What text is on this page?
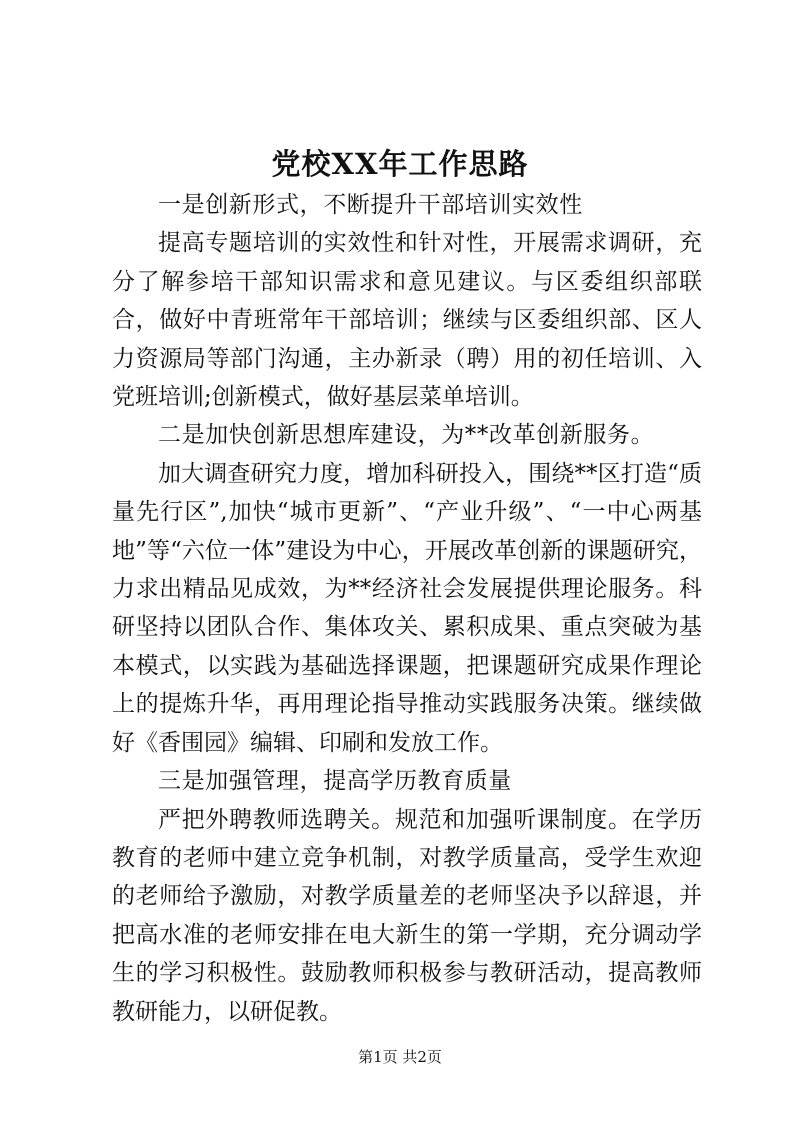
党校XX年工作思路

一是创新形式，不断提升干部培训实效性

提高专题培训的实效性和针对性，开展需求调研，充分了解参培干部知识需求和意见建议。与区委组织部联合，做好中青班常年干部培训；继续与区委组织部、区人力资源局等部门沟通，主办新录（聘）用的初任培训、入党班培训;创新模式，做好基层菜单培训。

二是加快创新思想库建设，为**改革创新服务。

加大调查研究力度，增加科研投入，围绕**区打造“质量先行区”,加快“城市更新”、“产业升级”、“一中心两基地”等“六位一体”建设为中心，开展改革创新的课题研究，力求出精品见成效，为**经济社会发展提供理论服务。科研坚持以团队合作、集体攻关、累积成果、重点突破为基本模式，以实践为基础选择课题，把课题研究成果作理论上的提炼升华，再用理论指导推动实践服务决策。继续做好《香围园》编辑、印刷和发放工作。

三是加强管理，提高学历教育质量

严把外聘教师选聘关。规范和加强听课制度。在学历教育的老师中建立竞争机制，对教学质量高，受学生欢迎的老师给予激励，对教学质量差的老师坚决予以辞退，并把高水准的老师安排在电大新生的第一学期，充分调动学生的学习积极性。鼓励教师积极参与教研活动，提高教师教研能力，以研促教。

第1页 共2页
